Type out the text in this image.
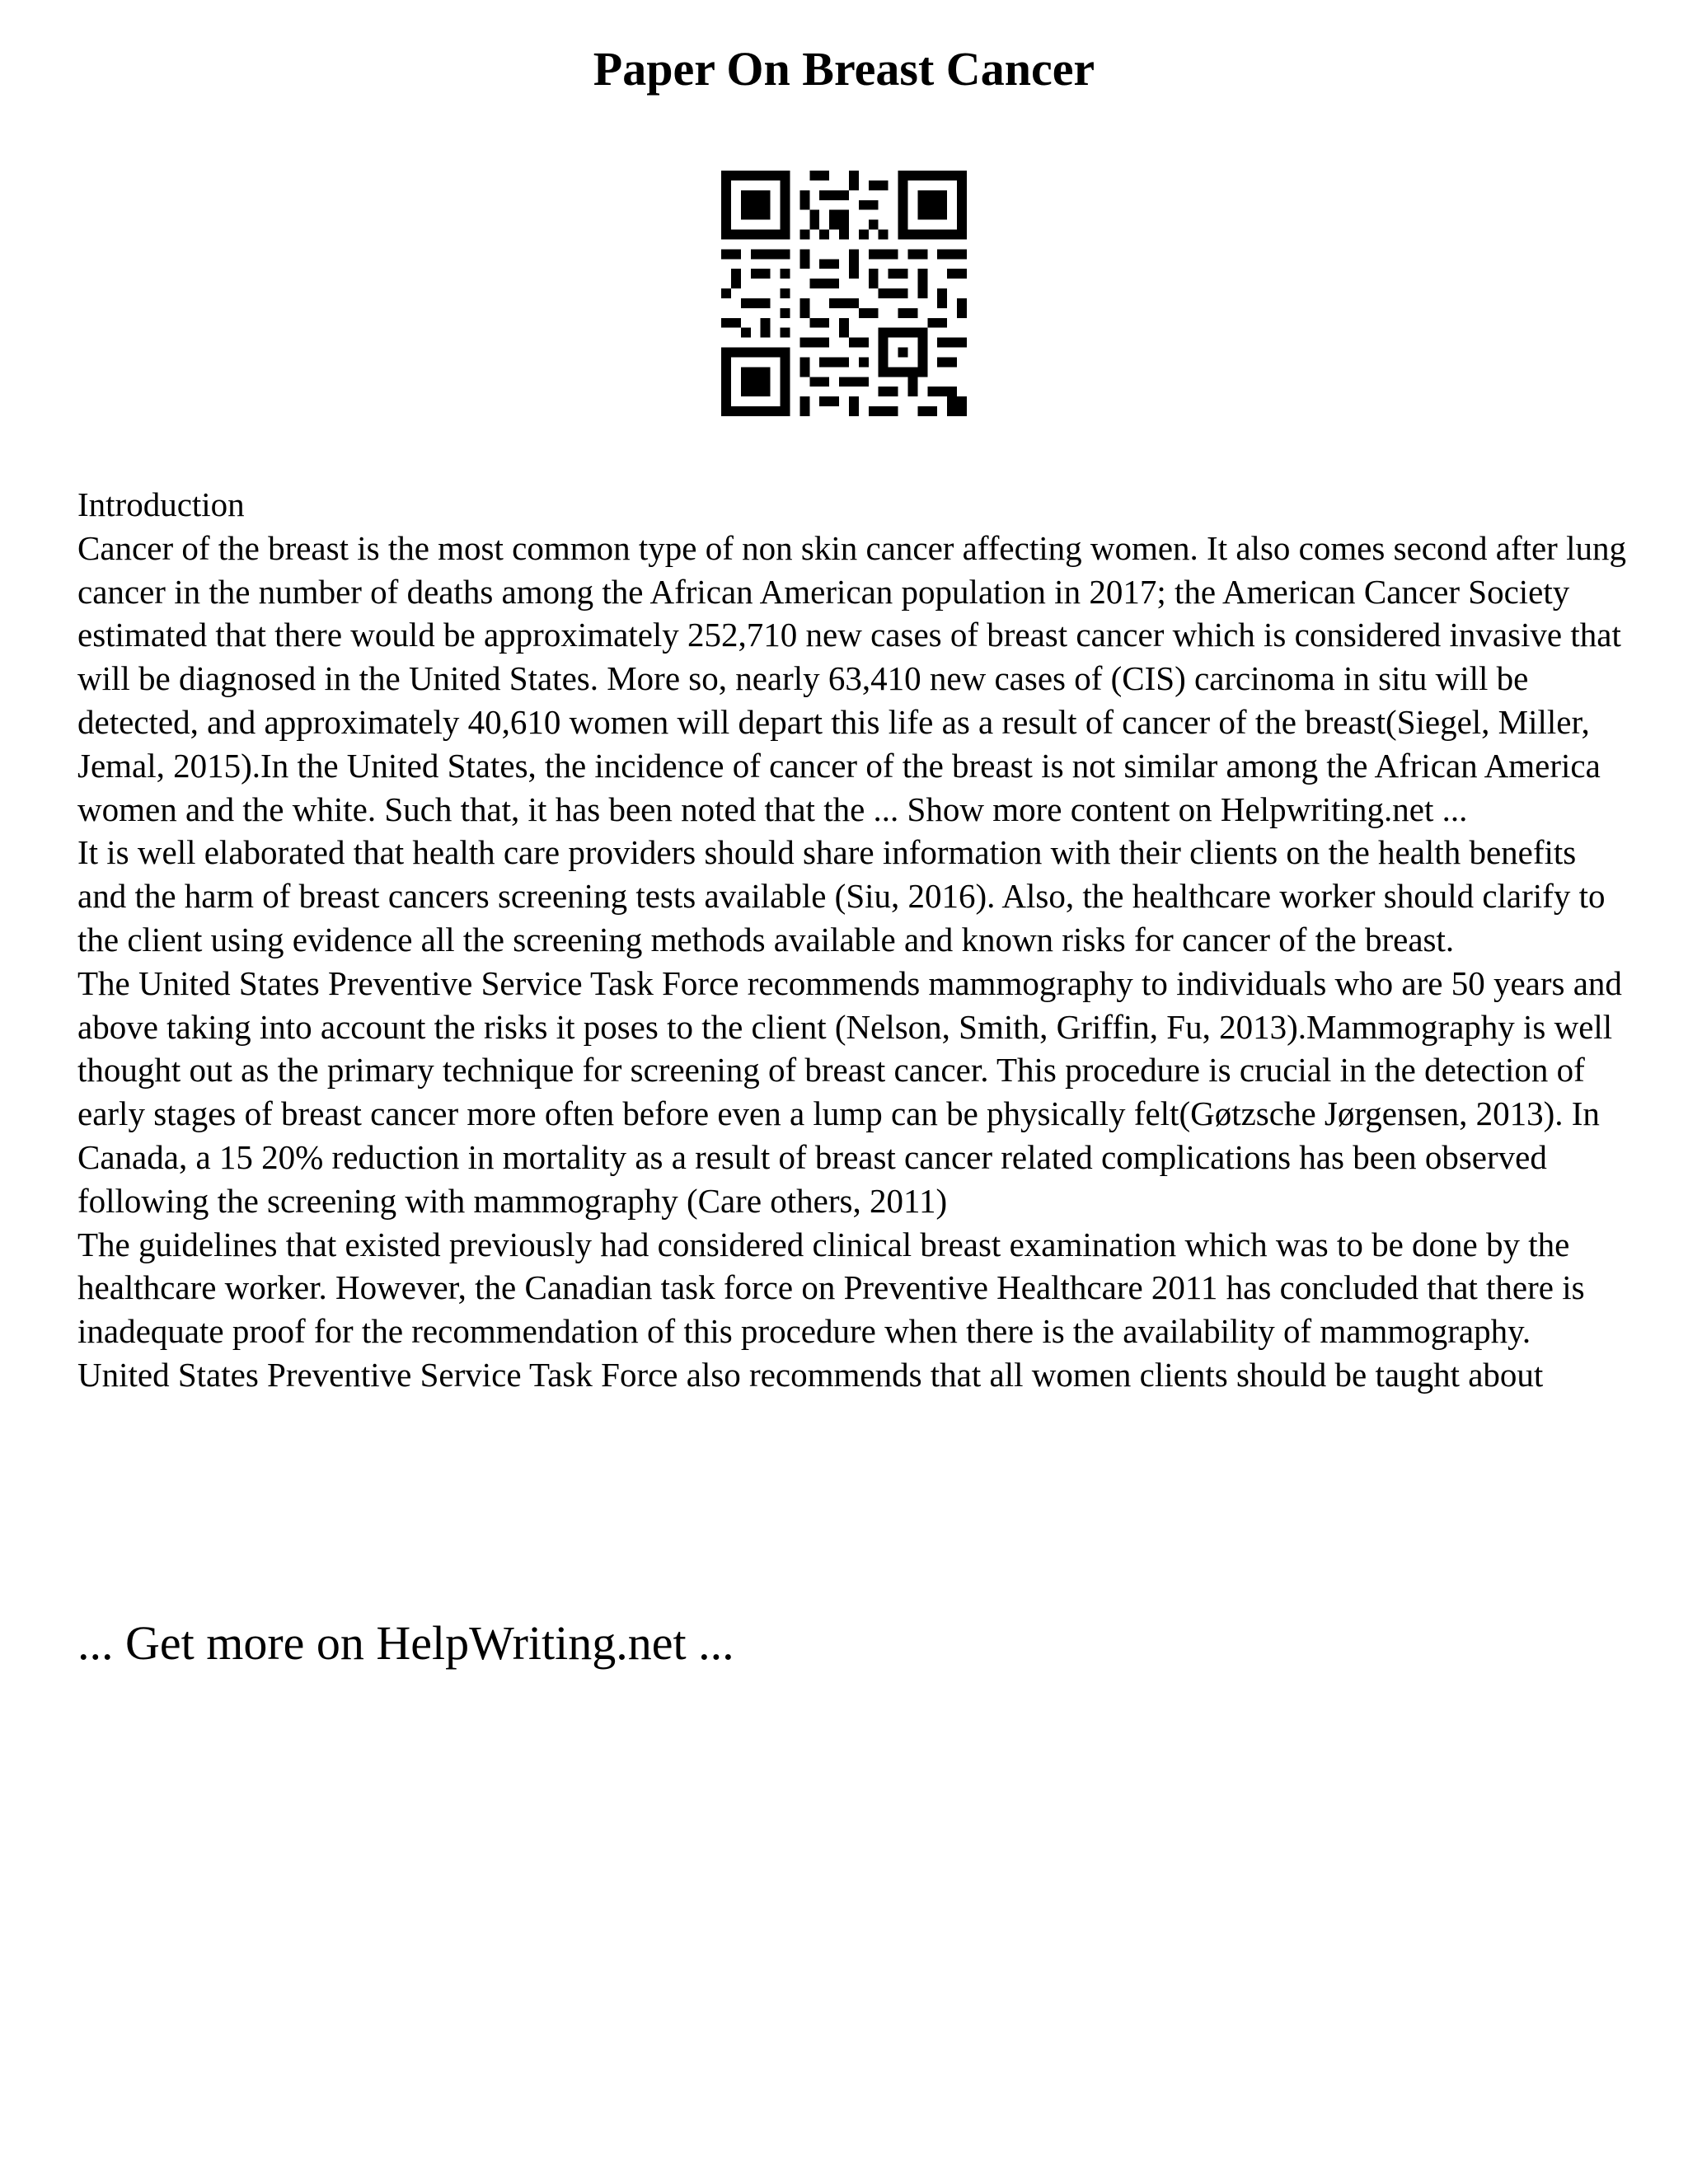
Paper On Breast Cancer

Introduction

Cancer of the breast is the most common type of non skin cancer affecting women. It also comes second after lung cancer in the number of deaths among the African American population in 2017; the American Cancer Society estimated that there would be approximately 252,710 new cases of breast cancer which is considered invasive that will be diagnosed in the United States. More so, nearly 63,410 new cases of (CIS) carcinoma in situ will be detected, and approximately 40,610 women will depart this life as a result of cancer of the breast(Siegel, Miller, Jemal, 2015).In the United States, the incidence of cancer of the breast is not similar among the African America women and the white. Such that, it has been noted that the ... Show more content on Helpwriting.net ...

It is well elaborated that health care providers should share information with their clients on the health benefits and the harm of breast cancers screening tests available (Siu, 2016). Also, the healthcare worker should clarify to the client using evidence all the screening methods available and known risks for cancer of the breast.

The United States Preventive Service Task Force recommends mammography to individuals who are 50 years and above taking into account the risks it poses to the client (Nelson, Smith, Griffin, Fu, 2013).Mammography is well thought out as the primary technique for screening of breast cancer. This procedure is crucial in the detection of early stages of breast cancer more often before even a lump can be physically felt(Gøtzsche Jørgensen, 2013). In Canada, a 15 20% reduction in mortality as a result of breast cancer related complications has been observed following the screening with mammography (Care others, 2011)

The guidelines that existed previously had considered clinical breast examination which was to be done by the healthcare worker. However, the Canadian task force on Preventive Healthcare 2011 has concluded that there is inadequate proof for the recommendation of this procedure when there is the availability of mammography. United States Preventive Service Task Force also recommends that all women clients should be taught about

... Get more on HelpWriting.net ...
